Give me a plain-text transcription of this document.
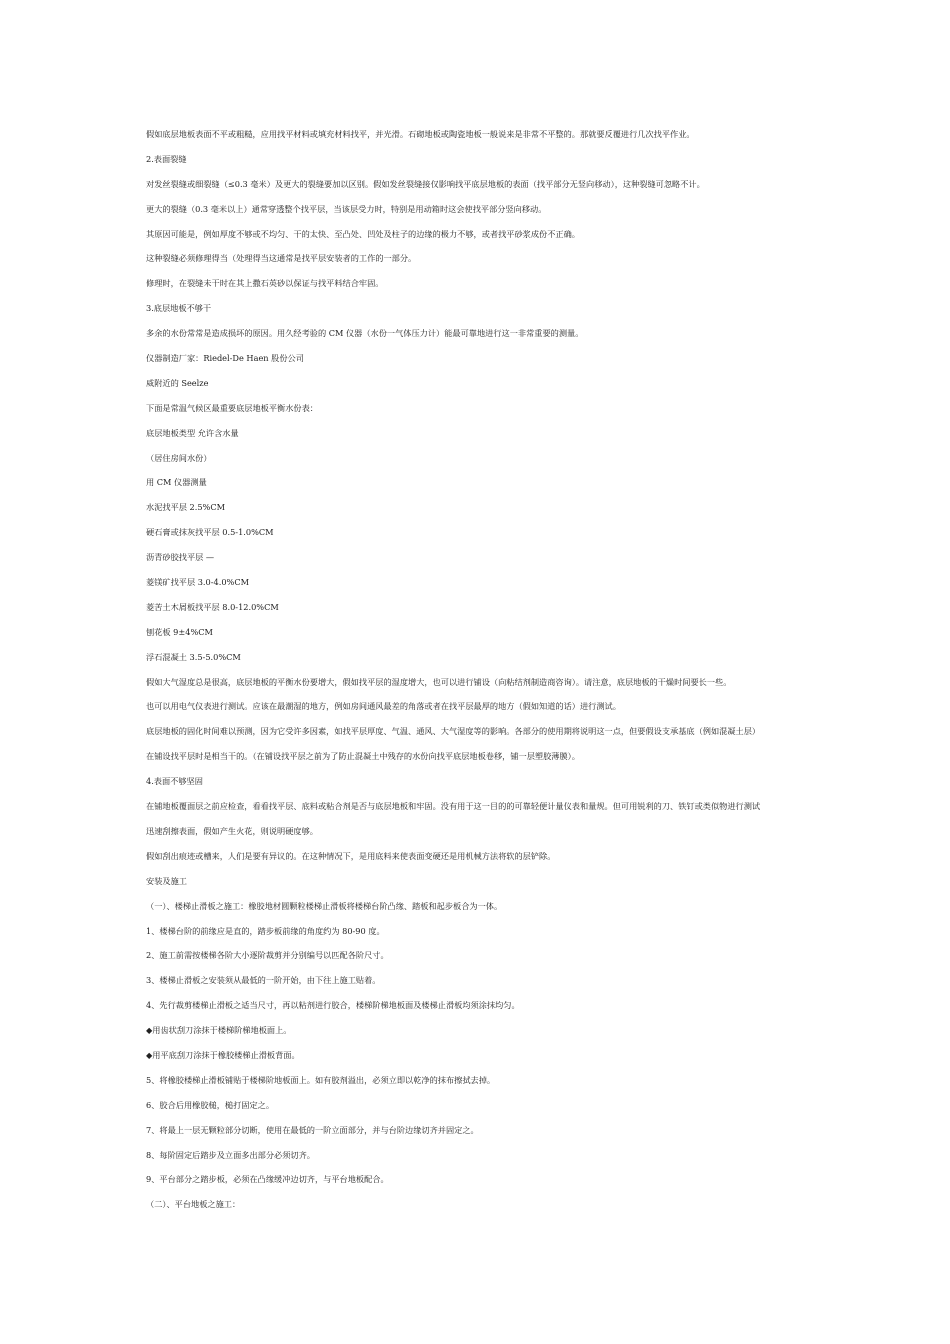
假如底层地板表面不平或粗糙，应用找平材料或填充材料找平，并光滑。石砌地板或陶瓷地板一般说来是非常不平整的。那就要反覆进行几次找平作业。

2.表面裂缝

对发丝裂缝或细裂缝（≤0.3 毫米）及更大的裂缝要加以区别。假如发丝裂缝接仅影响找平底层地板的表面（找平部分无竖向移动），这种裂缝可忽略不计。

更大的裂缝（0.3 毫米以上）通常穿透整个找平层，当该层受力时，特别是用动箱时这会使找平部分竖向移动。

其原因可能是，例如厚度不够或不均匀、干的太快、至凸处、凹处及柱子的边缘的极力不够，或者找平砂浆成份不正确。

这种裂缝必须修理得当（处理得当这通常是找平层安装者的工作的一部分。

修理时，在裂缝未干时在其上撒石英砂以保证与找平料结合牢固。

3.底层地板不够干

多余的水份常常是造成损坏的原因。用久经考验的 CM 仪器（水份一气体压力计）能最可靠地进行这一非常重要的测量。

仪器制造厂家：Riedel-De Haen 股份公司

威附近的 Seelze

下面是常温气候区最重要底层地板平衡水份表：

底层地板类型 允许含水量

（居住房间水份）

用 CM 仪器测量

水泥找平层 2.5%CM

硬石膏或抹灰找平层 0.5-1.0%CM

沥青砂胶找平层 —

菱镁矿找平层 3.0-4.0%CM

菱苦土木屑板找平层 8.0-12.0%CM

刨花板 9±4%CM

浮石混凝土 3.5-5.0%CM

假如大气湿度总是很高，底层地板的平衡水份要增大，假如找平层的湿度增大，也可以进行铺设（向粘结剂制造商咨询）。请注意，底层地板的干燥时间要长一些。

也可以用电气仪表进行测试。应该在最潮湿的地方，例如房间通风最差的角落或者在找平层最厚的地方（假如知道的话）进行测试。

底层地板的固化时间难以预测，因为它受许多因素，如找平层厚度、气温、通风、大气湿度等的影响。各部分的使用期将说明这一点，但要假设支承基底（例如混凝土层）

在铺设找平层时是相当干的。（在铺设找平层之前为了防止混凝土中残存的水份向找平底层地板卷移，铺一层塑胶薄膜）。

4.表面不够坚固

在铺地板覆面层之前应检查，看看找平层、底料或粘合剂是否与底层地板和牢固。没有用于这一目的的可靠轻便计量仪表和量规。但可用锐利的刀、铁钉或类似物进行测试

迅速刮擦表面，假如产生火花，则说明硬度够。

假如刮出痕迹或槽来，人们是要有异议的。在这种情况下，是用底料来使表面变硬还是用机械方法将软的层铲除。

安装及施工

（一）、楼梯止滑板之施工：橡胶地材圆颗粒楼梯止滑板将楼梯台阶凸缘、踏板和起步板合为一体。

1、楼梯台阶的前缘应是直的，踏步板前缘的角度约为 80-90 度。

2、施工前需按楼梯各阶大小逐阶裁剪并分别编号以匹配各阶尺寸。

3、楼梯止滑板之安装须从最低的一阶开始，由下往上施工贴着。

4、先行裁剪楼梯止滑板之适当尺寸，再以粘剂进行胶合，楼梯阶梯地板面及楼梯止滑板均须涂抹均匀。

◆用齿状刮刀涂抹于楼梯阶梯地板面上。

◆用平底刮刀涂抹于橡胶楼梯止滑板背面。

5、将橡胶楼梯止滑板铺贴于楼梯阶地板面上。如有胶剂溢出，必须立即以乾净的抹布擦拭去掉。

6、胶合后用橡胶槌，槌打固定之。

7、将最上一层无颗粒部分切断，使用在最低的一阶立面部分，并与台阶边缘切齐并固定之。

8、每阶固定后踏步及立面多出部分必须切齐。

9、平台部分之踏步板，必须在凸缘缓冲边切齐，与平台地板配合。

（二）、平台地板之施工：
